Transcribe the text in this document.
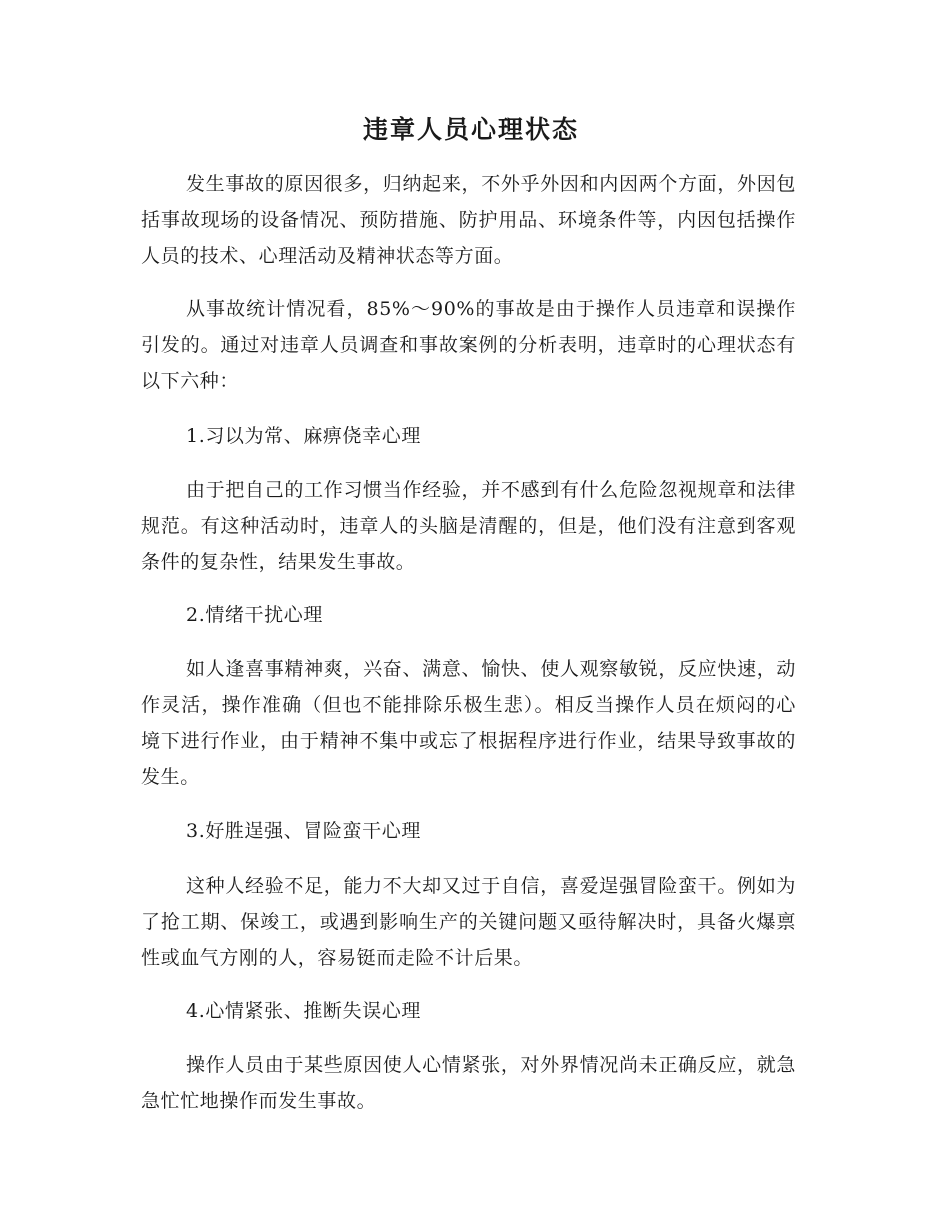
违章人员心理状态

发生事故的原因很多，归纳起来，不外乎外因和内因两个方面，外因包括事故现场的设备情况、预防措施、防护用品、环境条件等，内因包括操作人员的技术、心理活动及精神状态等方面。

从事故统计情况看，85%～90%的事故是由于操作人员违章和误操作引发的。通过对违章人员调查和事故案例的分析表明，违章时的心理状态有以下六种：

1.习以为常、麻痹侥幸心理

由于把自己的工作习惯当作经验，并不感到有什么危险忽视规章和法律规范。有这种活动时，违章人的头脑是清醒的，但是，他们没有注意到客观条件的复杂性，结果发生事故。

2.情绪干扰心理

如人逢喜事精神爽，兴奋、满意、愉快、使人观察敏锐，反应快速，动作灵活，操作准确（但也不能排除乐极生悲）。相反当操作人员在烦闷的心境下进行作业，由于精神不集中或忘了根据程序进行作业，结果导致事故的发生。

3.好胜逞强、冒险蛮干心理

这种人经验不足，能力不大却又过于自信，喜爱逞强冒险蛮干。例如为了抢工期、保竣工，或遇到影响生产的关键问题又亟待解决时，具备火爆禀性或血气方刚的人，容易铤而走险不计后果。

4.心情紧张、推断失误心理

操作人员由于某些原因使人心情紧张，对外界情况尚未正确反应，就急急忙忙地操作而发生事故。
